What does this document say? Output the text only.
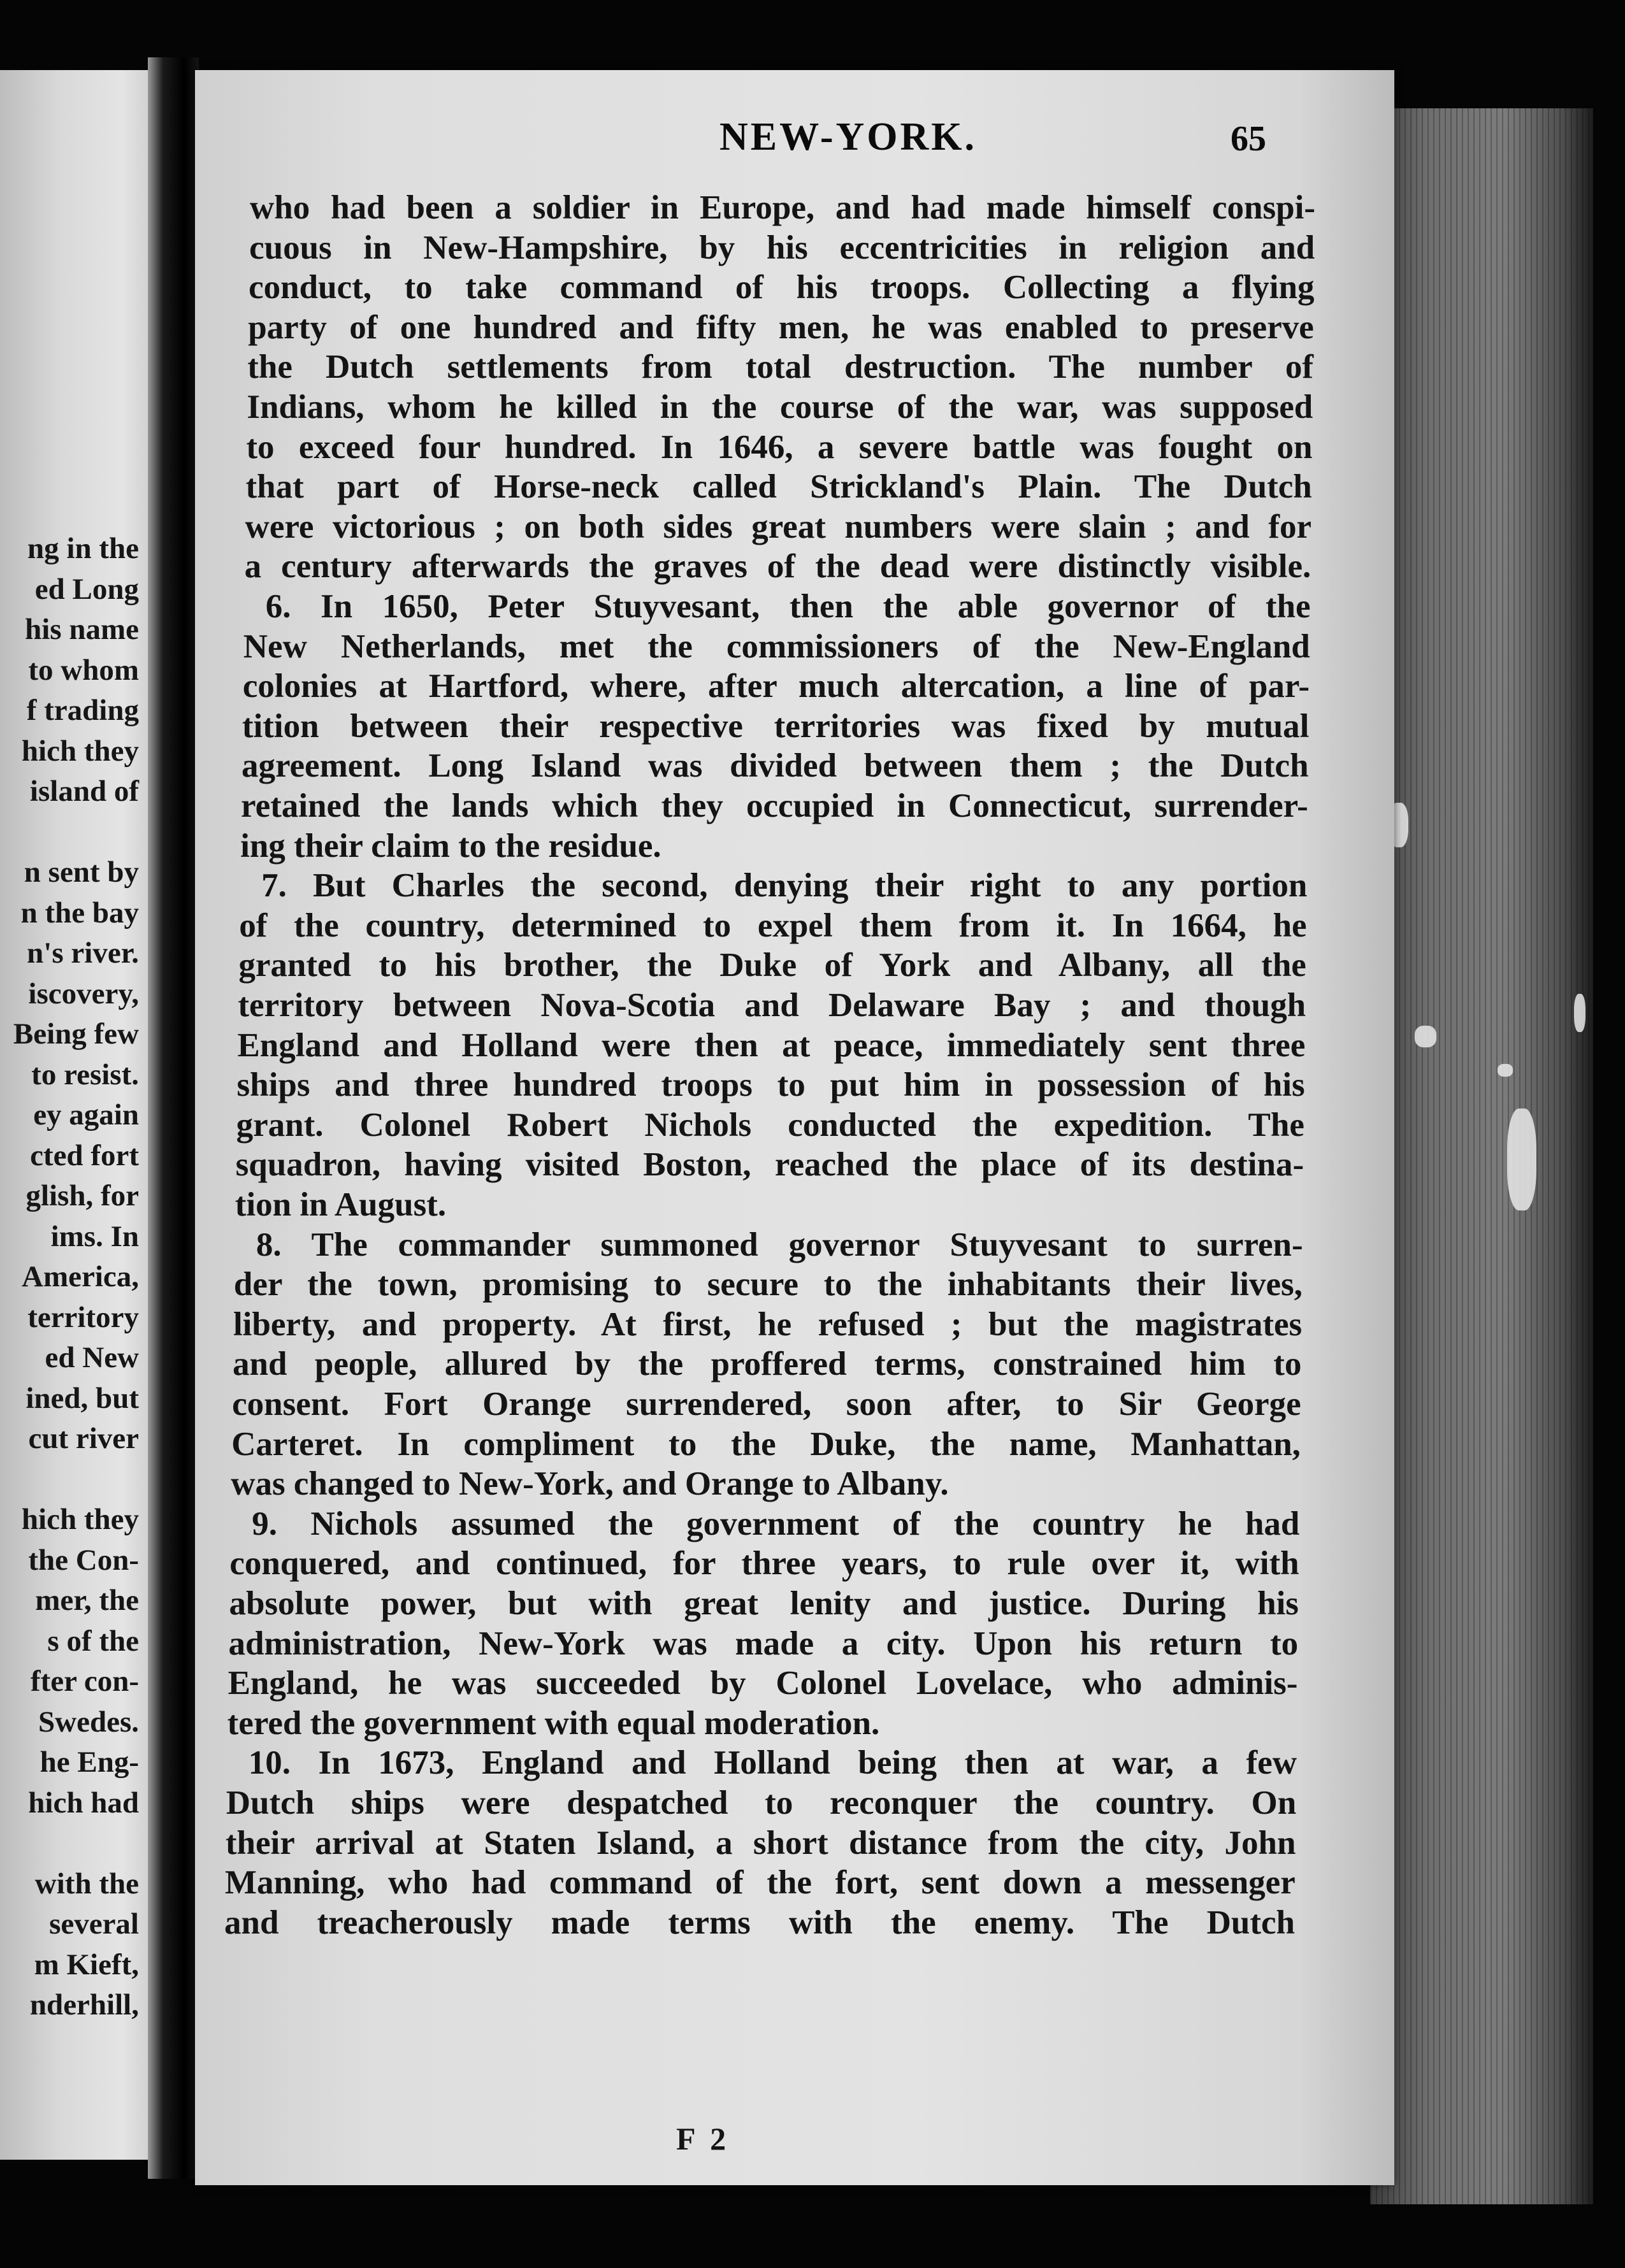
ng in the
ed Long
his name
to whom
f trading
hich they
island of
n sent by
n the bay
n's river.
iscovery,
Being few
to resist.
ey again
cted fort
glish, for
ims. In
America,
territory
ed New
ined, but
cut river
hich they
the Con-
mer, the
s of the
fter con-
Swedes.
he Eng-
hich had
with the
several
m Kieft,
nderhill,
NEW-YORK.	65
who had been a soldier in Europe, and had made himself conspi-
cuous in New-Hampshire, by his eccentricities in religion and
conduct, to take command of his troops. Collecting a flying
party of one hundred and fifty men, he was enabled to preserve
the Dutch settlements from total destruction. The number of
Indians, whom he killed in the course of the war, was supposed
to exceed four hundred. In 1646, a severe battle was fought on
that part of Horse-neck called Strickland's Plain. The Dutch
were victorious ; on both sides great numbers were slain ; and for
a century afterwards the graves of the dead were distinctly visible.
6. In 1650, Peter Stuyvesant, then the able governor of the
New Netherlands, met the commissioners of the New-England
colonies at Hartford, where, after much altercation, a line of par-
tition between their respective territories was fixed by mutual
agreement. Long Island was divided between them ; the Dutch
retained the lands which they occupied in Connecticut, surrender-
ing their claim to the residue.
7. But Charles the second, denying their right to any portion
of the country, determined to expel them from it. In 1664, he
granted to his brother, the Duke of York and Albany, all the
territory between Nova-Scotia and Delaware Bay ; and though
England and Holland were then at peace, immediately sent three
ships and three hundred troops to put him in possession of his
grant. Colonel Robert Nichols conducted the expedition. The
squadron, having visited Boston, reached the place of its destina-
tion in August.
8. The commander summoned governor Stuyvesant to surren-
der the town, promising to secure to the inhabitants their lives,
liberty, and property. At first, he refused ; but the magistrates
and people, allured by the proffered terms, constrained him to
consent. Fort Orange surrendered, soon after, to Sir George
Carteret. In compliment to the Duke, the name, Manhattan,
was changed to New-York, and Orange to Albany.
9. Nichols assumed the government of the country he had
conquered, and continued, for three years, to rule over it, with
absolute power, but with great lenity and justice. During his
administration, New-York was made a city. Upon his return to
England, he was succeeded by Colonel Lovelace, who adminis-
tered the government with equal moderation.
10. In 1673, England and Holland being then at war, a few
Dutch ships were despatched to reconquer the country. On
their arrival at Staten Island, a short distance from the city, John
Manning, who had command of the fort, sent down a messenger
and treacherously made terms with the enemy. The Dutch
F 2
